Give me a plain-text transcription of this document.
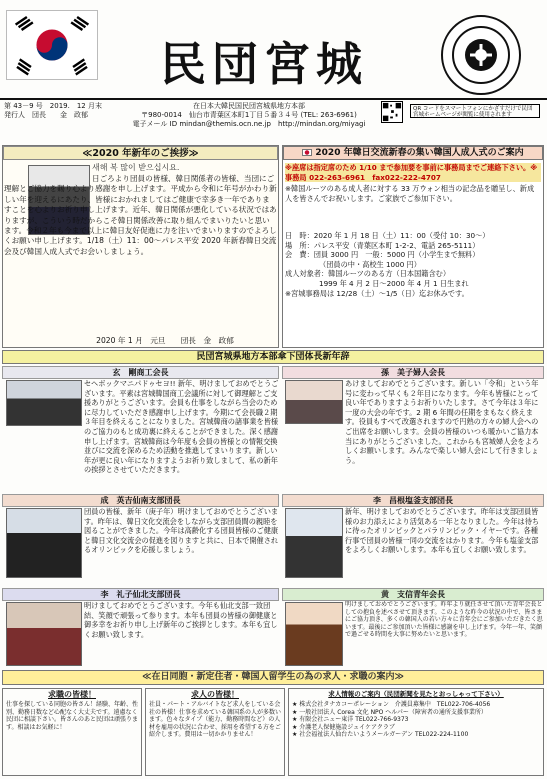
民団宮城
第 43－9 号　2019.　12 月末
発行人　団長　　金　政郁
在日本大韓民国民団宮城県地方本部
〒980-0014　仙台市青葉区本町1丁目５番３４号 (TEL: 263-6961)
電子メール ID mindan@themis.ocn.ne.jp　http://mindan.org/miyagi
QR コードをスマートフォンにかざすだけで民団宮城ホームページが閲覧に使用されます
≪2020 年新年のご挨拶≫
새해 복 많이 받으십시요.
日ごろより団員の皆様、韓日関係者の皆様、当団にご理解とご協力を賜り心より感謝を申し上げます。平成から令和に年号がかわり新しい年を迎えるにあたり、皆様におかれましてはご健康で幸多き一年でありますことを心よりお祈り申し上げます。近年、韓日関係が悪化している状況ではありますが、こういう時だからこそ韓日関係改善に取り組んでまいりたいと思います。令和２年も今まで以上に韓日友好促進に力を注いでまいりますのでよろしくお願い申し上げます。1/18（土）11：00～パレス平安 2020 年新春韓日交流会及び韓国人成人式でお会いしましょう。
2020 年 1 月　元旦　　団長　金　政郁
2020 年韓日交流新春の集い韓国人成人式のご案内
※座席は指定席のため 1/10 まで参加要を事前に事務局までご連絡下さい。※事務局 022-263-6961　fax022-222-4707
※韓国ルーツのある成人者に対する 33 万ウォン相当の記念品を贈呈し、新成人を皆さんでお祝いします。ご家族でご参加下さい。
日　時：2020 年 1 月 18 日（土）11：00（受付 10：30～）
場　所：パレス平安（青葉区本町 1-2-2、電話 265-5111）
会　費：団員 3000 円　一般：5000 円（小学生まで無料）
（団員の中・高校生 1000 円）
成人対象者：韓国ルーツのある方（日本国籍含む）
1999 年 4 月 2 日～2000 年 4 月 1 日生まれ
※宮城事務局は 12/28（土）～1/5（日）迄お休みです。
民団宮城県地方本部傘下団体長新年辞
玄　剛商工会長
セヘボックマニパドゥセヨ!! 新年、明けましておめでとうございます。平素は宮城韓国商工会議所に対して御理解とご支援ありがとうございます。会員も仕事をしながら当会のために尽力していただき感謝申し上げます。今期にて会長職２期３年目を終えることになりました。宮城韓商の諸事業を皆様のご協力のもと成功裏に終えることができました。深く感謝申し上げます。宮城韓商は今年度も会員の皆様との情報交換並びに交流を深めるため活動を推進してまいります。新しい年が更に良い年になりますようお祈り致しまして、私の新年の挨拶とさせていただきます。
孫　美子婦人会長
あけましておめでとうございます。新しい「令和」という年号に変わって早くも２年目になります。今年も皆様にとって良い年でありますようお祈りいたします。さて今年は３年に一度の大会の年です。2 期 6 年間の任期をまもなく終えます。役員もすべて改選されますので円熟の方々の婦人会へのご出席をお願いします。会員の皆様のいつも暖かいご協力本当にありがとうございました。これからも宮城婦人会をよろしくお願いします。みんなで楽しい婦人会にして行きましょう。
成　英吉仙南支部団長
団員の皆様、新年（庚子年）明けましておめでとうございます。昨年は、韓日文化交流会をしながら支部団員間の親睦を図ることができました。今年は高齢化する団員皆様のご健康と韓日文化交流会の促進を図りますと共に、日本で開催されるオリンピックを応援しましょう。
李　昌根塩釜支部団長
新年、明けましておめでとうございます。昨年は支部団員皆様のお力添えにより活気ある一年となりました。今年は待ちに待ったオリンピックとパラリンピック・イヤーです。各種行事で団員の皆様一同の交流をはかります。今年も塩釜支部をよろしくお願いします。本年も宜しくお願い致します。
李　礼子仙北支部団長
明けましておめでとうございます。今年も仙北支部一致団結、笑顔で頑張って参ります。本年も団員の皆様の御健康と御多幸をお祈り申し上げ新年のご挨拶とします。本年も宜しくお願い致します。
黄　支信青年会長
明けましておめでとうございます。昨年より就任させて頂いた青年会長としての抱負を述べさせて頂きます。このような昨今の状況の中で、皆さまにご協力頂き、多くの韓国人の若い方々に青年会にご参加いただきたく思います。最後にご参加頂いた皆様に感謝を申し上げます。今年一年、笑顔で過ごせる時間を大事に努めたいと思います。
≪在日同胞・新定住者・韓国人留学生の為の求人・求職の案内≫
求職の皆様！
仕事を探している同胞の皆さん！経験、年齢、性別、勤務日数など心配なく大丈夫です。遠慮なく民団に相談下さい。皆さんのあと民団は頑張ります。相談はお気軽に！
求人の皆様！
社員・パート・アルバイトなど求人をしている会社の皆様！仕事を求めている韓国系の人が多数います。色々なタイプ（能力、勤務時間など）の人材を雇用の状況に合わせ、採用を希望する方をご紹介します。費用は一切かかりません！
求人情報のご案内（民団新聞を見たとおっしゃって下さい）
★ 株式会社タナカコーポレーション　介護員募集中　TEL022-706-4056
★ 一般社団法人 Corea 文化 NPO ヘルパー（障害者の通所支援事業所）
★ 有限会社ニュー東洋 TEL022-766-9373
★ 介護老人保健施設ジェイケアクラブ
★ 社会福祉法人仙台たいようメールガーデン TEL022-224-1100
